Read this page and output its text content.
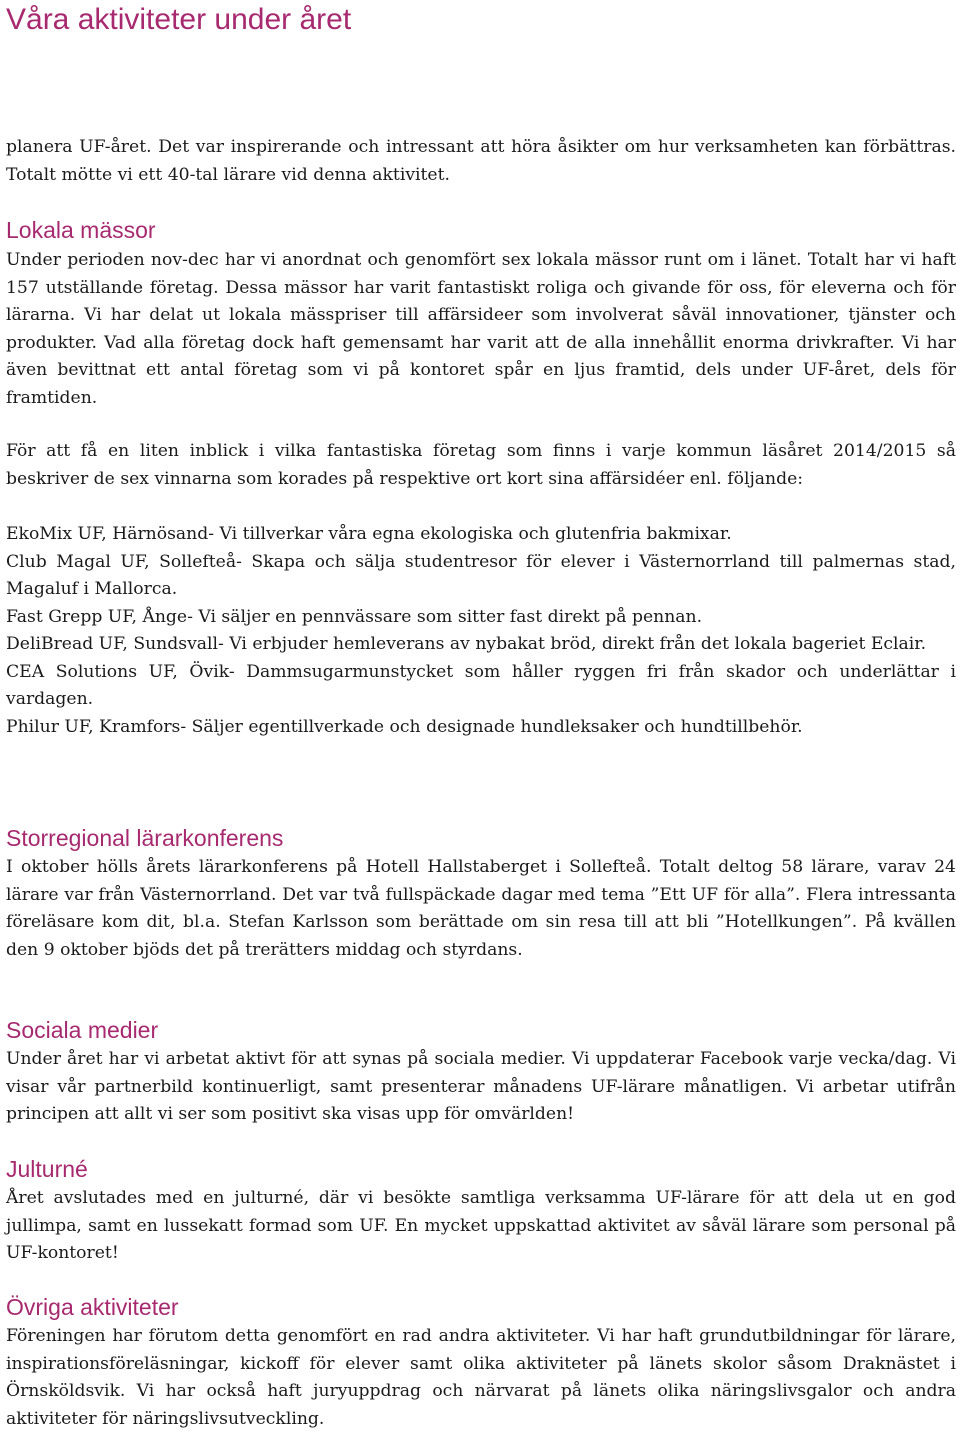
Våra aktiviteter under året

planera UF-året. Det var inspirerande och intressant att höra åsikter om hur verksamheten kan förbättras. Totalt mötte vi ett 40-tal lärare vid denna aktivitet.

Lokala mässor

Under perioden nov-dec har vi anordnat och genomfört sex lokala mässor runt om i länet. Totalt har vi haft 157 utställande företag. Dessa mässor har varit fantastiskt roliga och givande för oss, för eleverna och för lärarna. Vi har delat ut lokala mässpriser till affärsideer som involverat såväl innovationer, tjänster och produkter. Vad alla företag dock haft gemensamt har varit att de alla innehållit enorma drivkrafter. Vi har även bevittnat ett antal företag som vi på kontoret spår en ljus framtid, dels under UF-året, dels för framtiden.

För att få en liten inblick i vilka fantastiska företag som finns i varje kommun läsåret 2014/2015 så beskriver de sex vinnarna som korades på respektive ort kort sina affärsidéer enl. följande:

EkoMix UF, Härnösand- Vi tillverkar våra egna ekologiska och glutenfria bakmixar.

Club Magal UF, Sollefteå- Skapa och sälja studentresor för elever i Västernorrland till palmernas stad, Magaluf i Mallorca.

Fast Grepp UF, Ånge- Vi säljer en pennvässare som sitter fast direkt på pennan.

DeliBread UF, Sundsvall- Vi erbjuder hemleverans av nybakat bröd, direkt från det lokala bageriet Eclair.

CEA Solutions UF, Övik- Dammsugarmunstycket som håller ryggen fri från skador och underlättar i vardagen.

Philur UF, Kramfors- Säljer egentillverkade och designade hundleksaker och hundtillbehör.

Storregional lärarkonferens

I oktober hölls årets lärarkonferens på Hotell Hallstaberget i Sollefteå. Totalt deltog 58 lärare, varav 24 lärare var från Västernorrland. Det var två fullspäckade dagar med tema ”Ett UF för alla”. Flera intressanta föreläsare kom dit, bl.a. Stefan Karlsson som berättade om sin resa till att bli ”Hotellkungen”. På kvällen den 9 oktober bjöds det på trerätters middag och styrdans.

Sociala medier

Under året har vi arbetat aktivt för att synas på sociala medier. Vi uppdaterar Facebook varje vecka/dag. Vi visar vår partnerbild kontinuerligt, samt presenterar månadens UF-lärare månatligen. Vi arbetar utifrån principen att allt vi ser som positivt ska visas upp för omvärlden!

Julturné

Året avslutades med en julturné, där vi besökte samtliga verksamma UF-lärare för att dela ut en god jullimpa, samt en lussekatt formad som UF. En mycket uppskattad aktivitet av såväl lärare som personal på UF-kontoret!

Övriga aktiviteter

Föreningen har förutom detta genomfört en rad andra aktiviteter. Vi har haft grundutbildningar för lärare, inspirationsföreläsningar, kickoff för elever samt olika aktiviteter på länets skolor såsom Draknästet i Örnsköldsvik. Vi har också haft juryuppdrag och närvarat på länets olika näringslivsgalor och andra aktiviteter för näringslivsutveckling.
